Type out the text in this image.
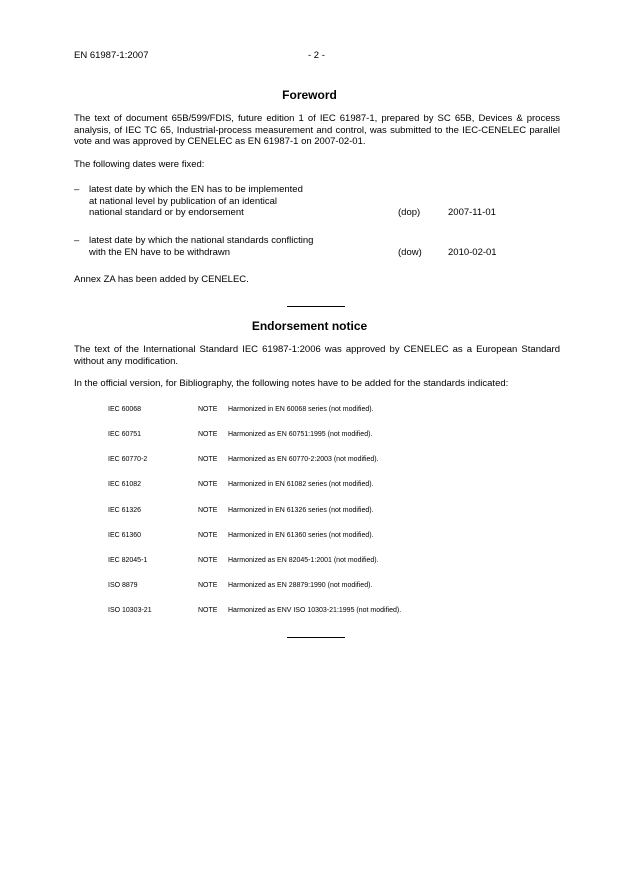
EN 61987-1:2007	- 2 -
Foreword
The text of document 65B/599/FDIS, future edition 1 of IEC 61987-1, prepared by SC 65B, Devices & process analysis, of IEC TC 65, Industrial-process measurement and control, was submitted to the IEC-CENELEC parallel vote and was approved by CENELEC as EN 61987-1 on 2007-02-01.
The following dates were fixed:
– latest date by which the EN has to be implemented
at national level by publication of an identical
national standard or by endorsement	(dop)	2007-11-01
– latest date by which the national standards conflicting
with the EN have to be withdrawn	(dow)	2010-02-01
Annex ZA has been added by CENELEC.
Endorsement notice
The text of the International Standard IEC 61987-1:2006 was approved by CENELEC as a European Standard without any modification.
In the official version, for Bibliography, the following notes have to be added for the standards indicated:
IEC 60068	NOTE Harmonized in EN 60068 series (not modified).
IEC 60751	NOTE Harmonized as EN 60751:1995 (not modified).
IEC 60770-2	NOTE Harmonized as EN 60770-2:2003 (not modified).
IEC 61082	NOTE Harmonized in EN 61082 series (not modified).
IEC 61326	NOTE Harmonized in EN 61326 series (not modified).
IEC 61360	NOTE Harmonized in EN 61360 series (not modified).
IEC 82045-1	NOTE Harmonized as EN 82045-1:2001 (not modified).
ISO 8879	NOTE Harmonized as EN 28879:1990 (not modified).
ISO 10303-21	NOTE Harmonized as ENV ISO 10303-21:1995 (not modified).
